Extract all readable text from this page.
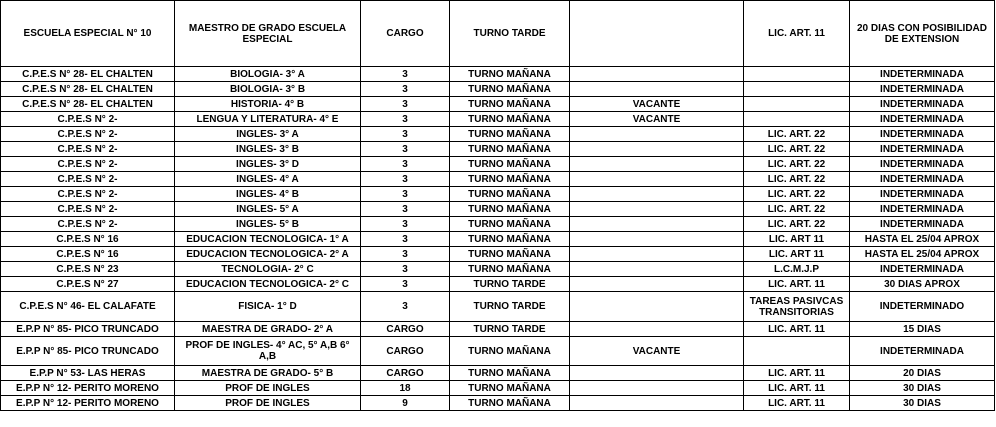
ESCUELA ESPECIAL N° 10	MAESTRO DE GRADO ESCUELA ESPECIAL	CARGO	TURNO TARDE		LIC. ART. 11	20 DIAS CON POSIBILIDAD DE EXTENSION
C.P.E.S N° 28- EL CHALTEN	BIOLOGIA- 3° A	3	TURNO MAÑANA			INDETERMINADA
C.P.E.S N° 28- EL CHALTEN	BIOLOGIA- 3° B	3	TURNO MAÑANA			INDETERMINADA
C.P.E.S N° 28- EL CHALTEN	HISTORIA- 4° B	3	TURNO MAÑANA	VACANTE		INDETERMINADA
C.P.E.S N° 2-	LENGUA Y LITERATURA- 4° E	3	TURNO MAÑANA	VACANTE		INDETERMINADA
C.P.E.S N° 2-	INGLES- 3° A	3	TURNO MAÑANA		LIC. ART. 22	INDETERMINADA
C.P.E.S N° 2-	INGLES- 3° B	3	TURNO MAÑANA		LIC. ART. 22	INDETERMINADA
C.P.E.S N° 2-	INGLES- 3° D	3	TURNO MAÑANA		LIC. ART. 22	INDETERMINADA
C.P.E.S N° 2-	INGLES- 4° A	3	TURNO MAÑANA		LIC. ART. 22	INDETERMINADA
C.P.E.S N° 2-	INGLES- 4° B	3	TURNO MAÑANA		LIC. ART. 22	INDETERMINADA
C.P.E.S N° 2-	INGLES- 5° A	3	TURNO MAÑANA		LIC. ART. 22	INDETERMINADA
C.P.E.S N° 2-	INGLES- 5° B	3	TURNO MAÑANA		LIC. ART. 22	INDETERMINADA
C.P.E.S N° 16	EDUCACION TECNOLOGICA- 1° A	3	TURNO MAÑANA		LIC. ART 11	HASTA EL 25/04 APROX
C.P.E.S N° 16	EDUCACION TECNOLOGICA- 2° A	3	TURNO MAÑANA		LIC. ART 11	HASTA EL 25/04 APROX
C.P.E.S N° 23	TECNOLOGIA- 2° C	3	TURNO MAÑANA		L.C.M.J.P	INDETERMINADA
C.P.E.S N° 27	EDUCACION TECNOLOGICA- 2° C	3	TURNO TARDE		LIC. ART. 11	30 DIAS APROX
C.P.E.S N° 46- EL CALAFATE	FISICA- 1° D	3	TURNO TARDE		TAREAS PASIVCAS TRANSITORIAS	INDETERMINADO
E.P.P N° 85- PICO TRUNCADO	MAESTRA DE GRADO- 2° A	CARGO	TURNO TARDE		LIC. ART. 11	15 DIAS
E.P.P N° 85- PICO TRUNCADO	PROF DE INGLES- 4° AC, 5° A,B 6° A,B	CARGO	TURNO MAÑANA	VACANTE		INDETERMINADA
E.P.P N° 53- LAS HERAS	MAESTRA DE GRADO- 5° B	CARGO	TURNO MAÑANA		LIC. ART. 11	20 DIAS
E.P.P N° 12- PERITO MORENO	PROF DE INGLES	18	TURNO MAÑANA		LIC. ART. 11	30 DIAS
E.P.P N° 12- PERITO MORENO	PROF DE INGLES	9	TURNO MAÑANA		LIC. ART. 11	30 DIAS
